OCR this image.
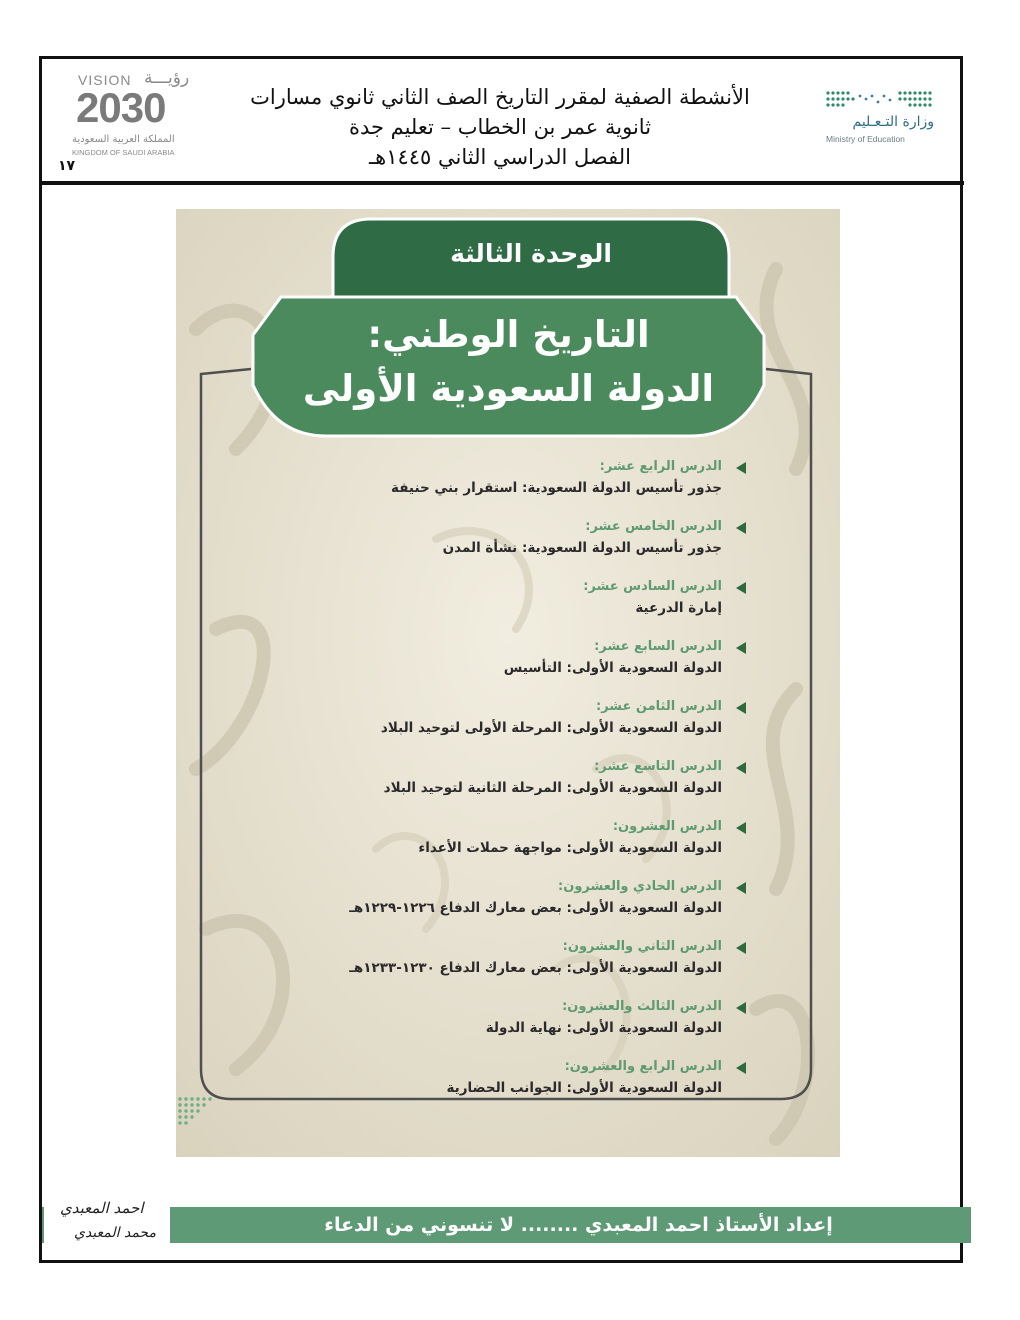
VISION رؤيـــة
2030
المملكة العربية السعودية
KINGDOM OF SAUDI ARABIA
١٧
الأنشطة الصفية لمقرر التاريخ الصف الثاني ثانوي مسارات
ثانوية عمر بن الخطاب – تعليم جدة
الفصل الدراسي الثاني ١٤٤٥هـ
وزارة التـعـليم
Ministry of Education
الوحدة الثالثة
التاريخ الوطني:
الدولة السعودية الأولى
الدرس الرابع عشر:
جذور تأسيس الدولة السعودية: استقرار بني حنيفة
الدرس الخامس عشر:
جذور تأسيس الدولة السعودية: نشأة المدن
الدرس السادس عشر:
إمارة الدرعية
الدرس السابع عشر:
الدولة السعودية الأولى: التأسيس
الدرس الثامن عشر:
الدولة السعودية الأولى: المرحلة الأولى لتوحيد البلاد
الدرس التاسع عشر:
الدولة السعودية الأولى: المرحلة الثانية لتوحيد البلاد
الدرس العشرون:
الدولة السعودية الأولى: مواجهة حملات الأعداء
الدرس الحادي والعشرون:
الدولة السعودية الأولى: بعض معارك الدفاع ١٢٢٦-١٢٢٩هـ
الدرس الثاني والعشرون:
الدولة السعودية الأولى: بعض معارك الدفاع ١٢٣٠-١٢٣٣هـ
الدرس الثالث والعشرون:
الدولة السعودية الأولى: نهاية الدولة
الدرس الرابع والعشرون:
الدولة السعودية الأولى: الجوانب الحضارية
إعداد الأستاذ احمد المعبدي ........ لا تنسوني من الدعاء
احمد المعبدي
محمد المعبدي
